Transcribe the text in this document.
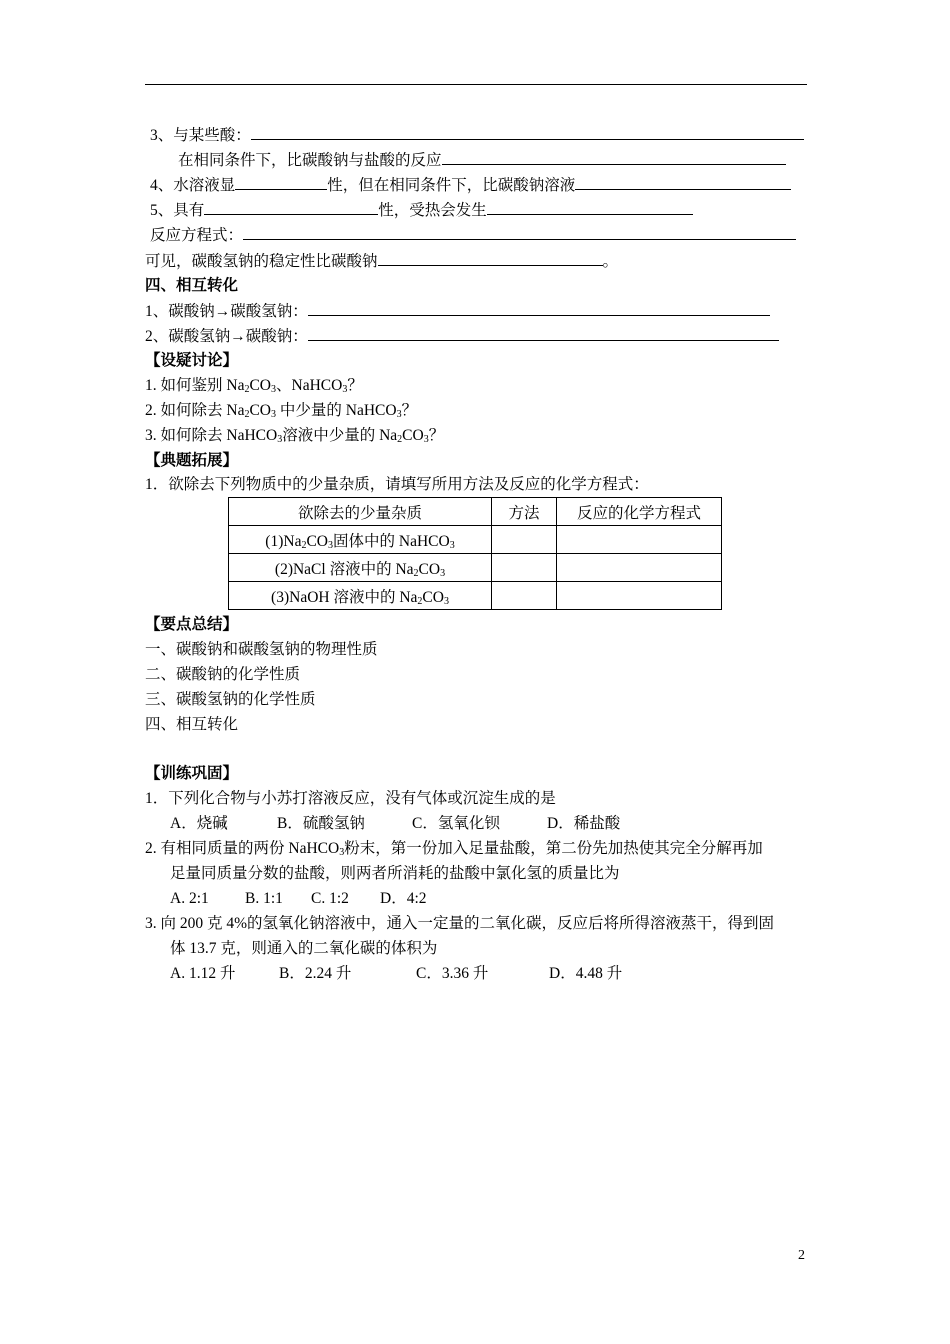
3、与某些酸：
在相同条件下，比碳酸钠与盐酸的反应
4、水溶液显	性，但在相同条件下，比碳酸钠溶液
5、具有	性，受热会发生
反应方程式：
可见，碳酸氢钠的稳定性比碳酸钠	。
四、相互转化
1、碳酸钠→碳酸氢钠：
2、碳酸氢钠→碳酸钠：
【设疑讨论】
1. 如何鉴别 $Na_2CO_3$、NaHCO$_3$？
2. 如何除去 $Na_2CO_3$ 中少量的 NaHCO$_3$？
3. 如何除去 NaHCO$_3$溶液中少量的 $Na_2CO_3$？
【典题拓展】
1．欲除去下列物质中的少量杂质，请填写所用方法及反应的化学方程式：
欲除去的少量杂质	方法	反应的化学方程式
$(1)Na_2CO_3$固体中的 NaHCO$_3$		
(2)NaCl 溶液中的 $Na_2CO_3$		
(3)NaOH 溶液中的 $Na_2CO_3$		
【要点总结】
一、碳酸钠和碳酸氢钠的物理性质
二、碳酸钠的化学性质
三、碳酸氢钠的化学性质
四、相互转化
【训练巩固】
1．下列化合物与小苏打溶液反应，没有气体或沉淀生成的是
A．烧碱	B．硫酸氢钠	C．氢氧化钡	D．稀盐酸
2. 有相同质量的两份 NaHCO$_3$粉末，第一份加入足量盐酸，第二份先加热使其完全分解再加
足量同质量分数的盐酸，则两者所消耗的盐酸中氯化氢的质量比为
A. 2:1 B. 1:1 C. 1:2 D．4:2
3. 向 200 克 4%的氢氧化钠溶液中，通入一定量的二氧化碳，反应后将所得溶液蒸干，得到固
体 13.7 克，则通入的二氧化碳的体积为
A. 1.12 升	B．2.24 升	C．3.36 升	D．4.48 升
2
